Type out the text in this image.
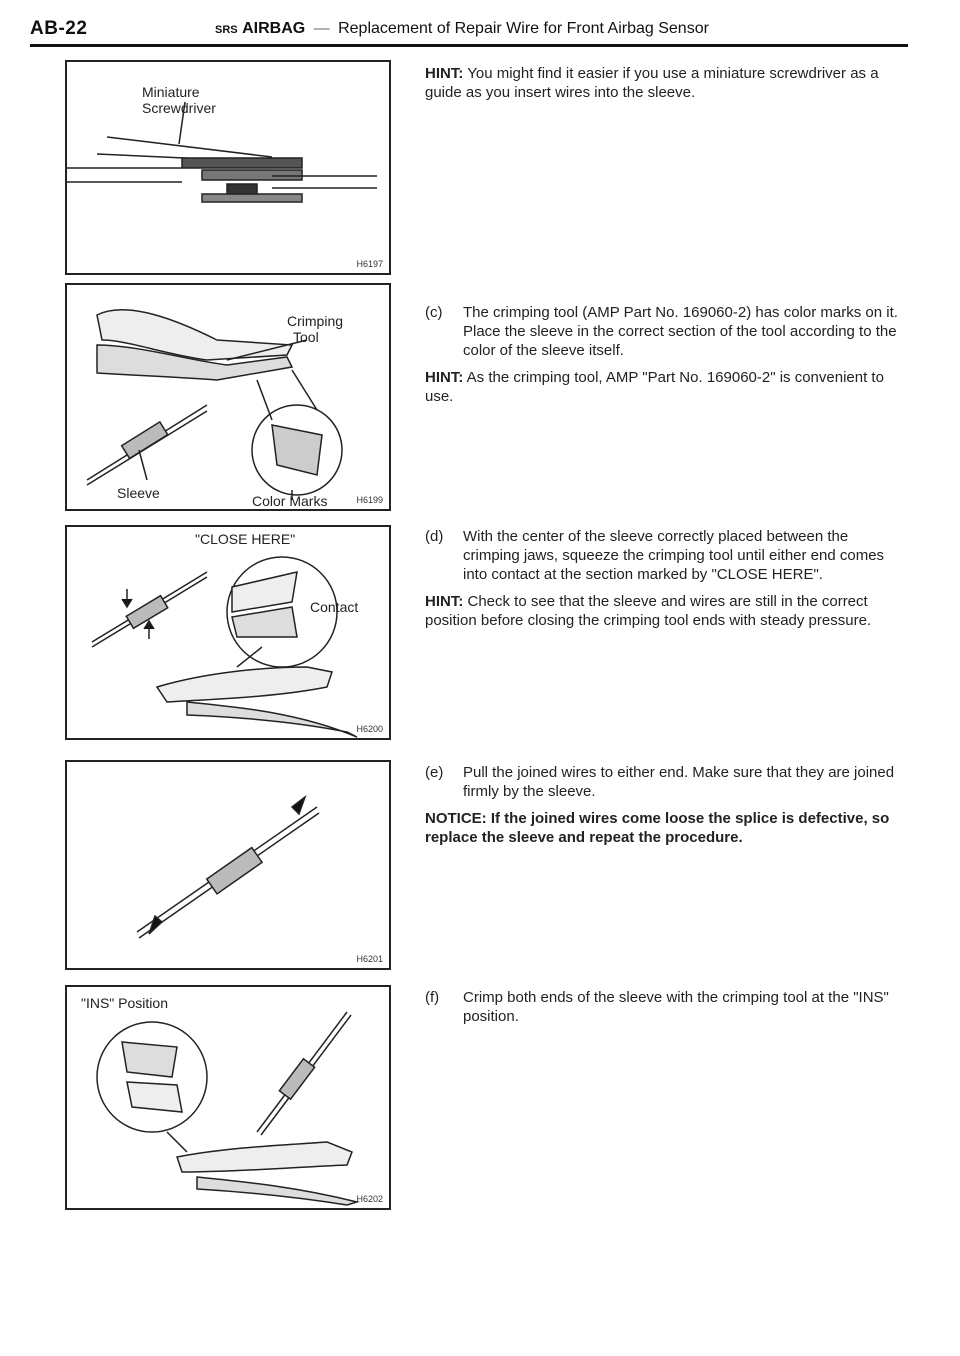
AB-22	SRS AIRBAG — Replacement of Repair Wire for Front Airbag Sensor
Miniature
Screwdriver
H6197
Crimping
Tool
Sleeve	Color Marks	H6199
"CLOSE HERE"
Contact
H6200
H6201
"INS" Position
H6202
HINT: You might find it easier if you use a miniature screwdriver as a guide as you insert wires into the sleeve.
(c) The crimping tool (AMP Part No. 169060-2) has color marks on it. Place the sleeve in the correct section of the tool according to the color of the sleeve itself.
HINT: As the crimping tool, AMP "Part No. 169060-2" is convenient to use.
(d) With the center of the sleeve correctly placed between the crimping jaws, squeeze the crimping tool until either end comes into contact at the section marked by "CLOSE HERE".
HINT: Check to see that the sleeve and wires are still in the correct position before closing the crimping tool ends with steady pressure.
(e) Pull the joined wires to either end. Make sure that they are joined firmly by the sleeve.
NOTICE: If the joined wires come loose the splice is defective, so replace the sleeve and repeat the procedure.
(f) Crimp both ends of the sleeve with the crimping tool at the "INS" position.
